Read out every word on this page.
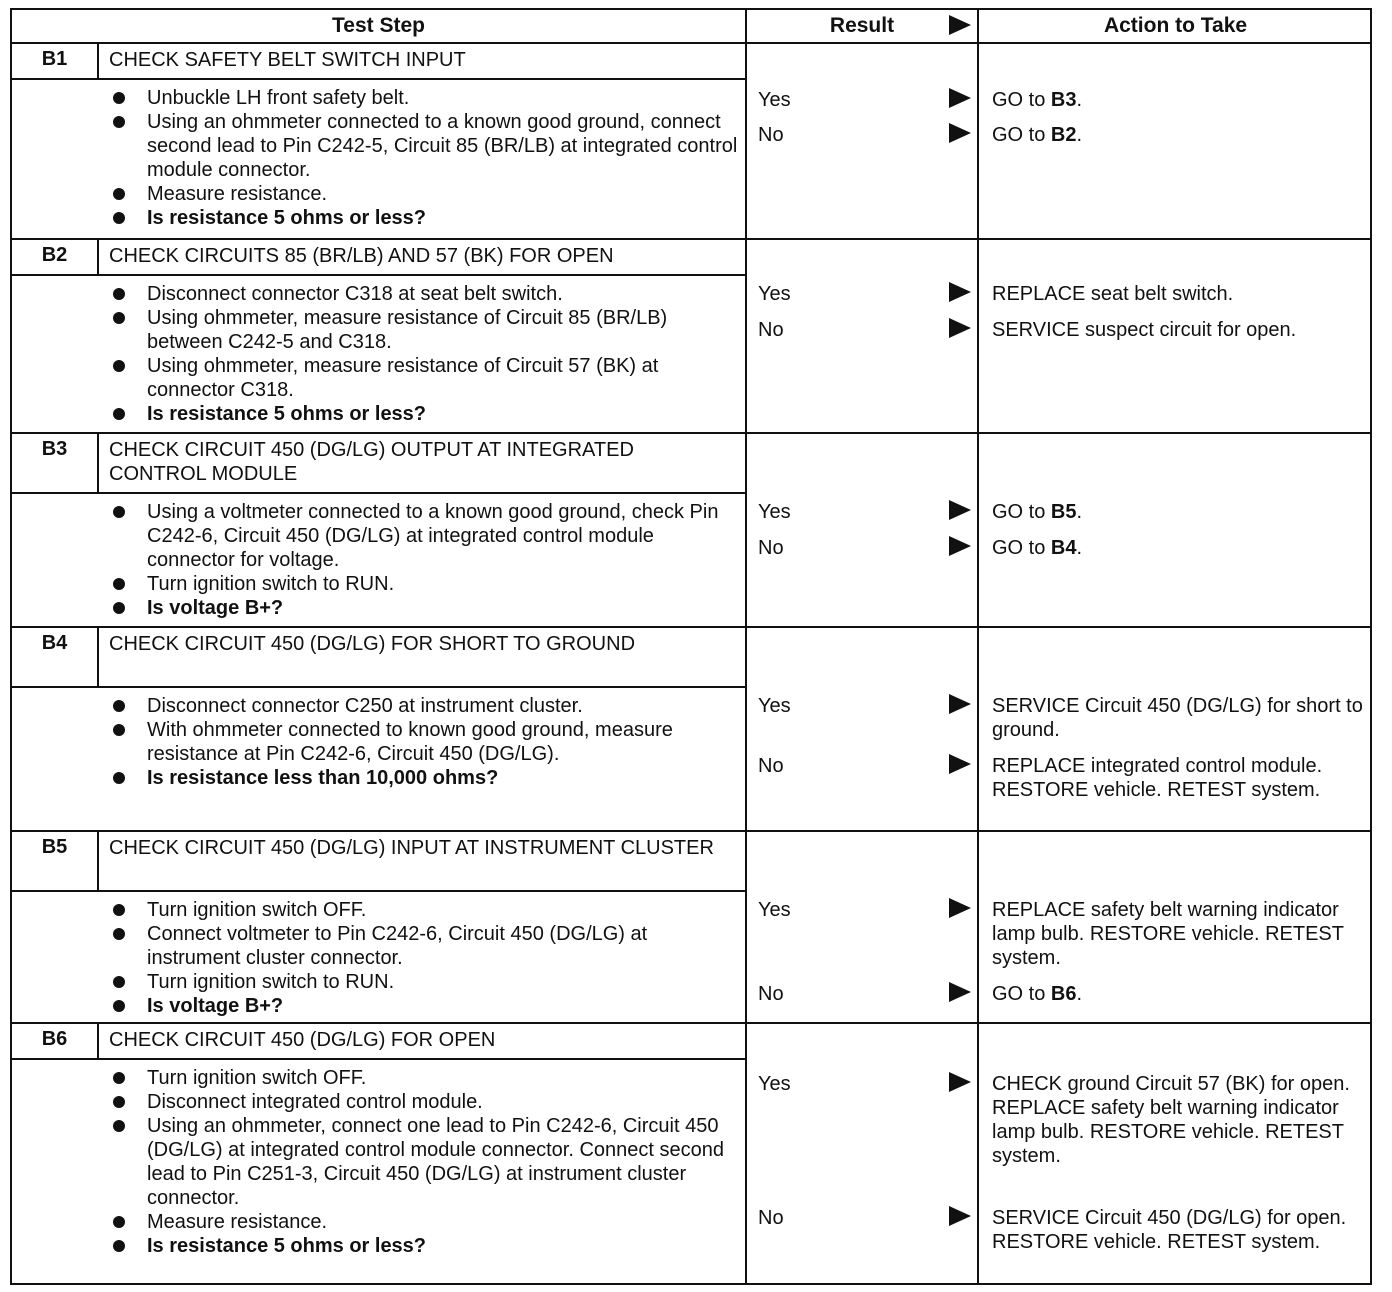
Test Step	Result	Action to Take
B1	CHECK SAFETY BELT SWITCH INPUT
Unbuckle LH front safety belt.
Using an ohmmeter connected to a known good ground, connect second lead to Pin C242-5, Circuit 85 (BR/LB) at integrated control module connector.
Measure resistance.
Is resistance 5 ohms or less?
Yes	GO to B3.
No	GO to B2.
B2	CHECK CIRCUITS 85 (BR/LB) AND 57 (BK) FOR OPEN
Disconnect connector C318 at seat belt switch.
Using ohmmeter, measure resistance of Circuit 85 (BR/LB) between C242-5 and C318.
Using ohmmeter, measure resistance of Circuit 57 (BK) at connector C318.
Is resistance 5 ohms or less?
Yes	REPLACE seat belt switch.
No	SERVICE suspect circuit for open.
B3	CHECK CIRCUIT 450 (DG/LG) OUTPUT AT INTEGRATED CONTROL MODULE
Using a voltmeter connected to a known good ground, check Pin C242-6, Circuit 450 (DG/LG) at integrated control module connector for voltage.
Turn ignition switch to RUN.
Is voltage B+?
Yes	GO to B5.
No	GO to B4.
B4	CHECK CIRCUIT 450 (DG/LG) FOR SHORT TO GROUND
Disconnect connector C250 at instrument cluster.
With ohmmeter connected to known good ground, measure resistance at Pin C242-6, Circuit 450 (DG/LG).
Is resistance less than 10,000 ohms?
Yes	SERVICE Circuit 450 (DG/LG) for short to ground.
No	REPLACE integrated control module. RESTORE vehicle. RETEST system.
B5	CHECK CIRCUIT 450 (DG/LG) INPUT AT INSTRUMENT CLUSTER
Turn ignition switch OFF.
Connect voltmeter to Pin C242-6, Circuit 450 (DG/LG) at instrument cluster connector.
Turn ignition switch to RUN.
Is voltage B+?
Yes	REPLACE safety belt warning indicator lamp bulb. RESTORE vehicle. RETEST system.
No	GO to B6.
B6	CHECK CIRCUIT 450 (DG/LG) FOR OPEN
Turn ignition switch OFF.
Disconnect integrated control module.
Using an ohmmeter, connect one lead to Pin C242-6, Circuit 450 (DG/LG) at integrated control module connector. Connect second lead to Pin C251-3, Circuit 450 (DG/LG) at instrument cluster connector.
Measure resistance.
Is resistance 5 ohms or less?
Yes	CHECK ground Circuit 57 (BK) for open. REPLACE safety belt warning indicator lamp bulb. RESTORE vehicle. RETEST system.
No	SERVICE Circuit 450 (DG/LG) for open. RESTORE vehicle. RETEST system.
